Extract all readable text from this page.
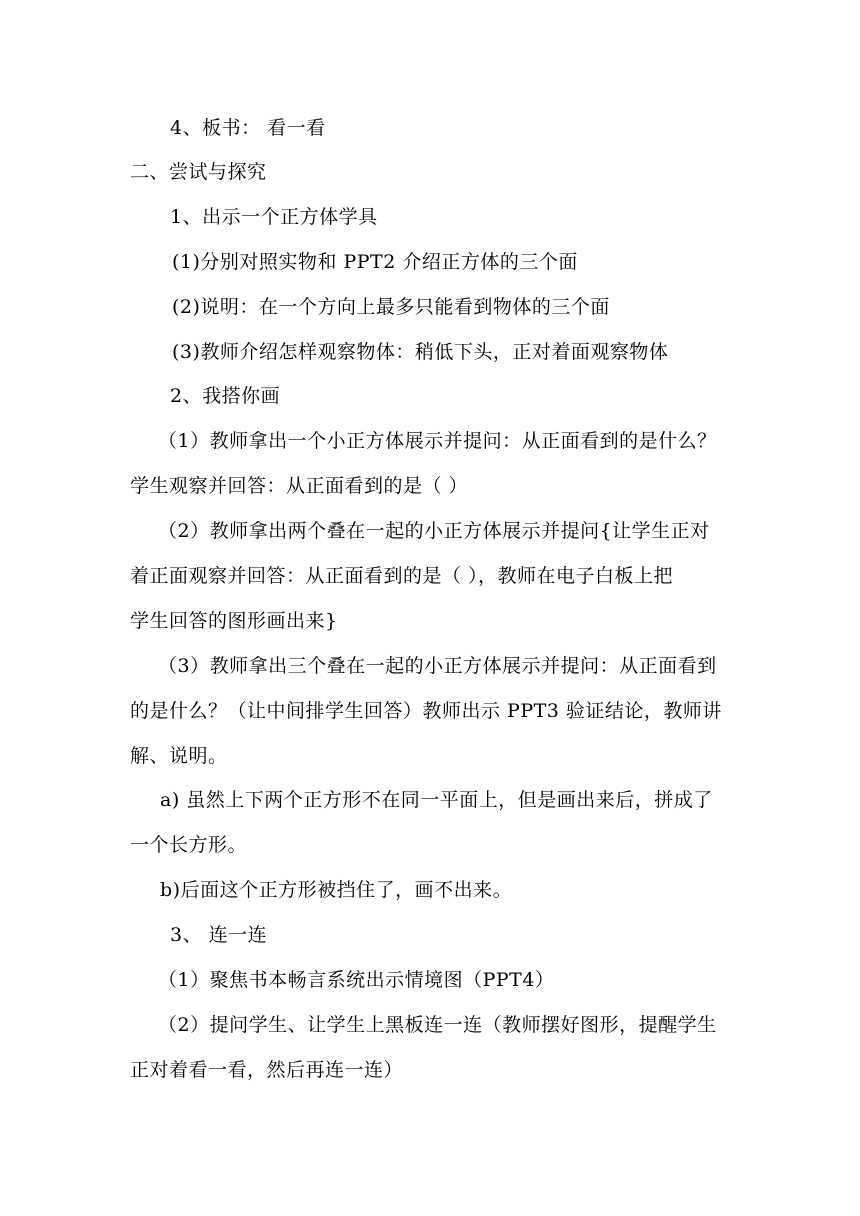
4、板书： 看一看
二、尝试与探究
1、出示一个正方体学具
(1)分别对照实物和 PPT2 介绍正方体的三个面
(2)说明：在一个方向上最多只能看到物体的三个面
(3)教师介绍怎样观察物体：稍低下头，正对着面观察物体
2、我搭你画
（1）教师拿出一个小正方体展示并提问：从正面看到的是什么？
学生观察并回答：从正面看到的是（ ）
（2）教师拿出两个叠在一起的小正方体展示并提问{让学生正对
着正面观察并回答：从正面看到的是（ ），教师在电子白板上把
学生回答的图形画出来}
（3）教师拿出三个叠在一起的小正方体展示并提问：从正面看到
的是什么？（让中间排学生回答）教师出示 PPT3 验证结论，教师讲
解、说明。
a) 虽然上下两个正方形不在同一平面上，但是画出来后，拼成了
一个长方形。
b)后面这个正方形被挡住了，画不出来。
3、 连一连
（1）聚焦书本畅言系统出示情境图（PPT4）
（2）提问学生、让学生上黑板连一连（教师摆好图形，提醒学生
正对着看一看，然后再连一连）
